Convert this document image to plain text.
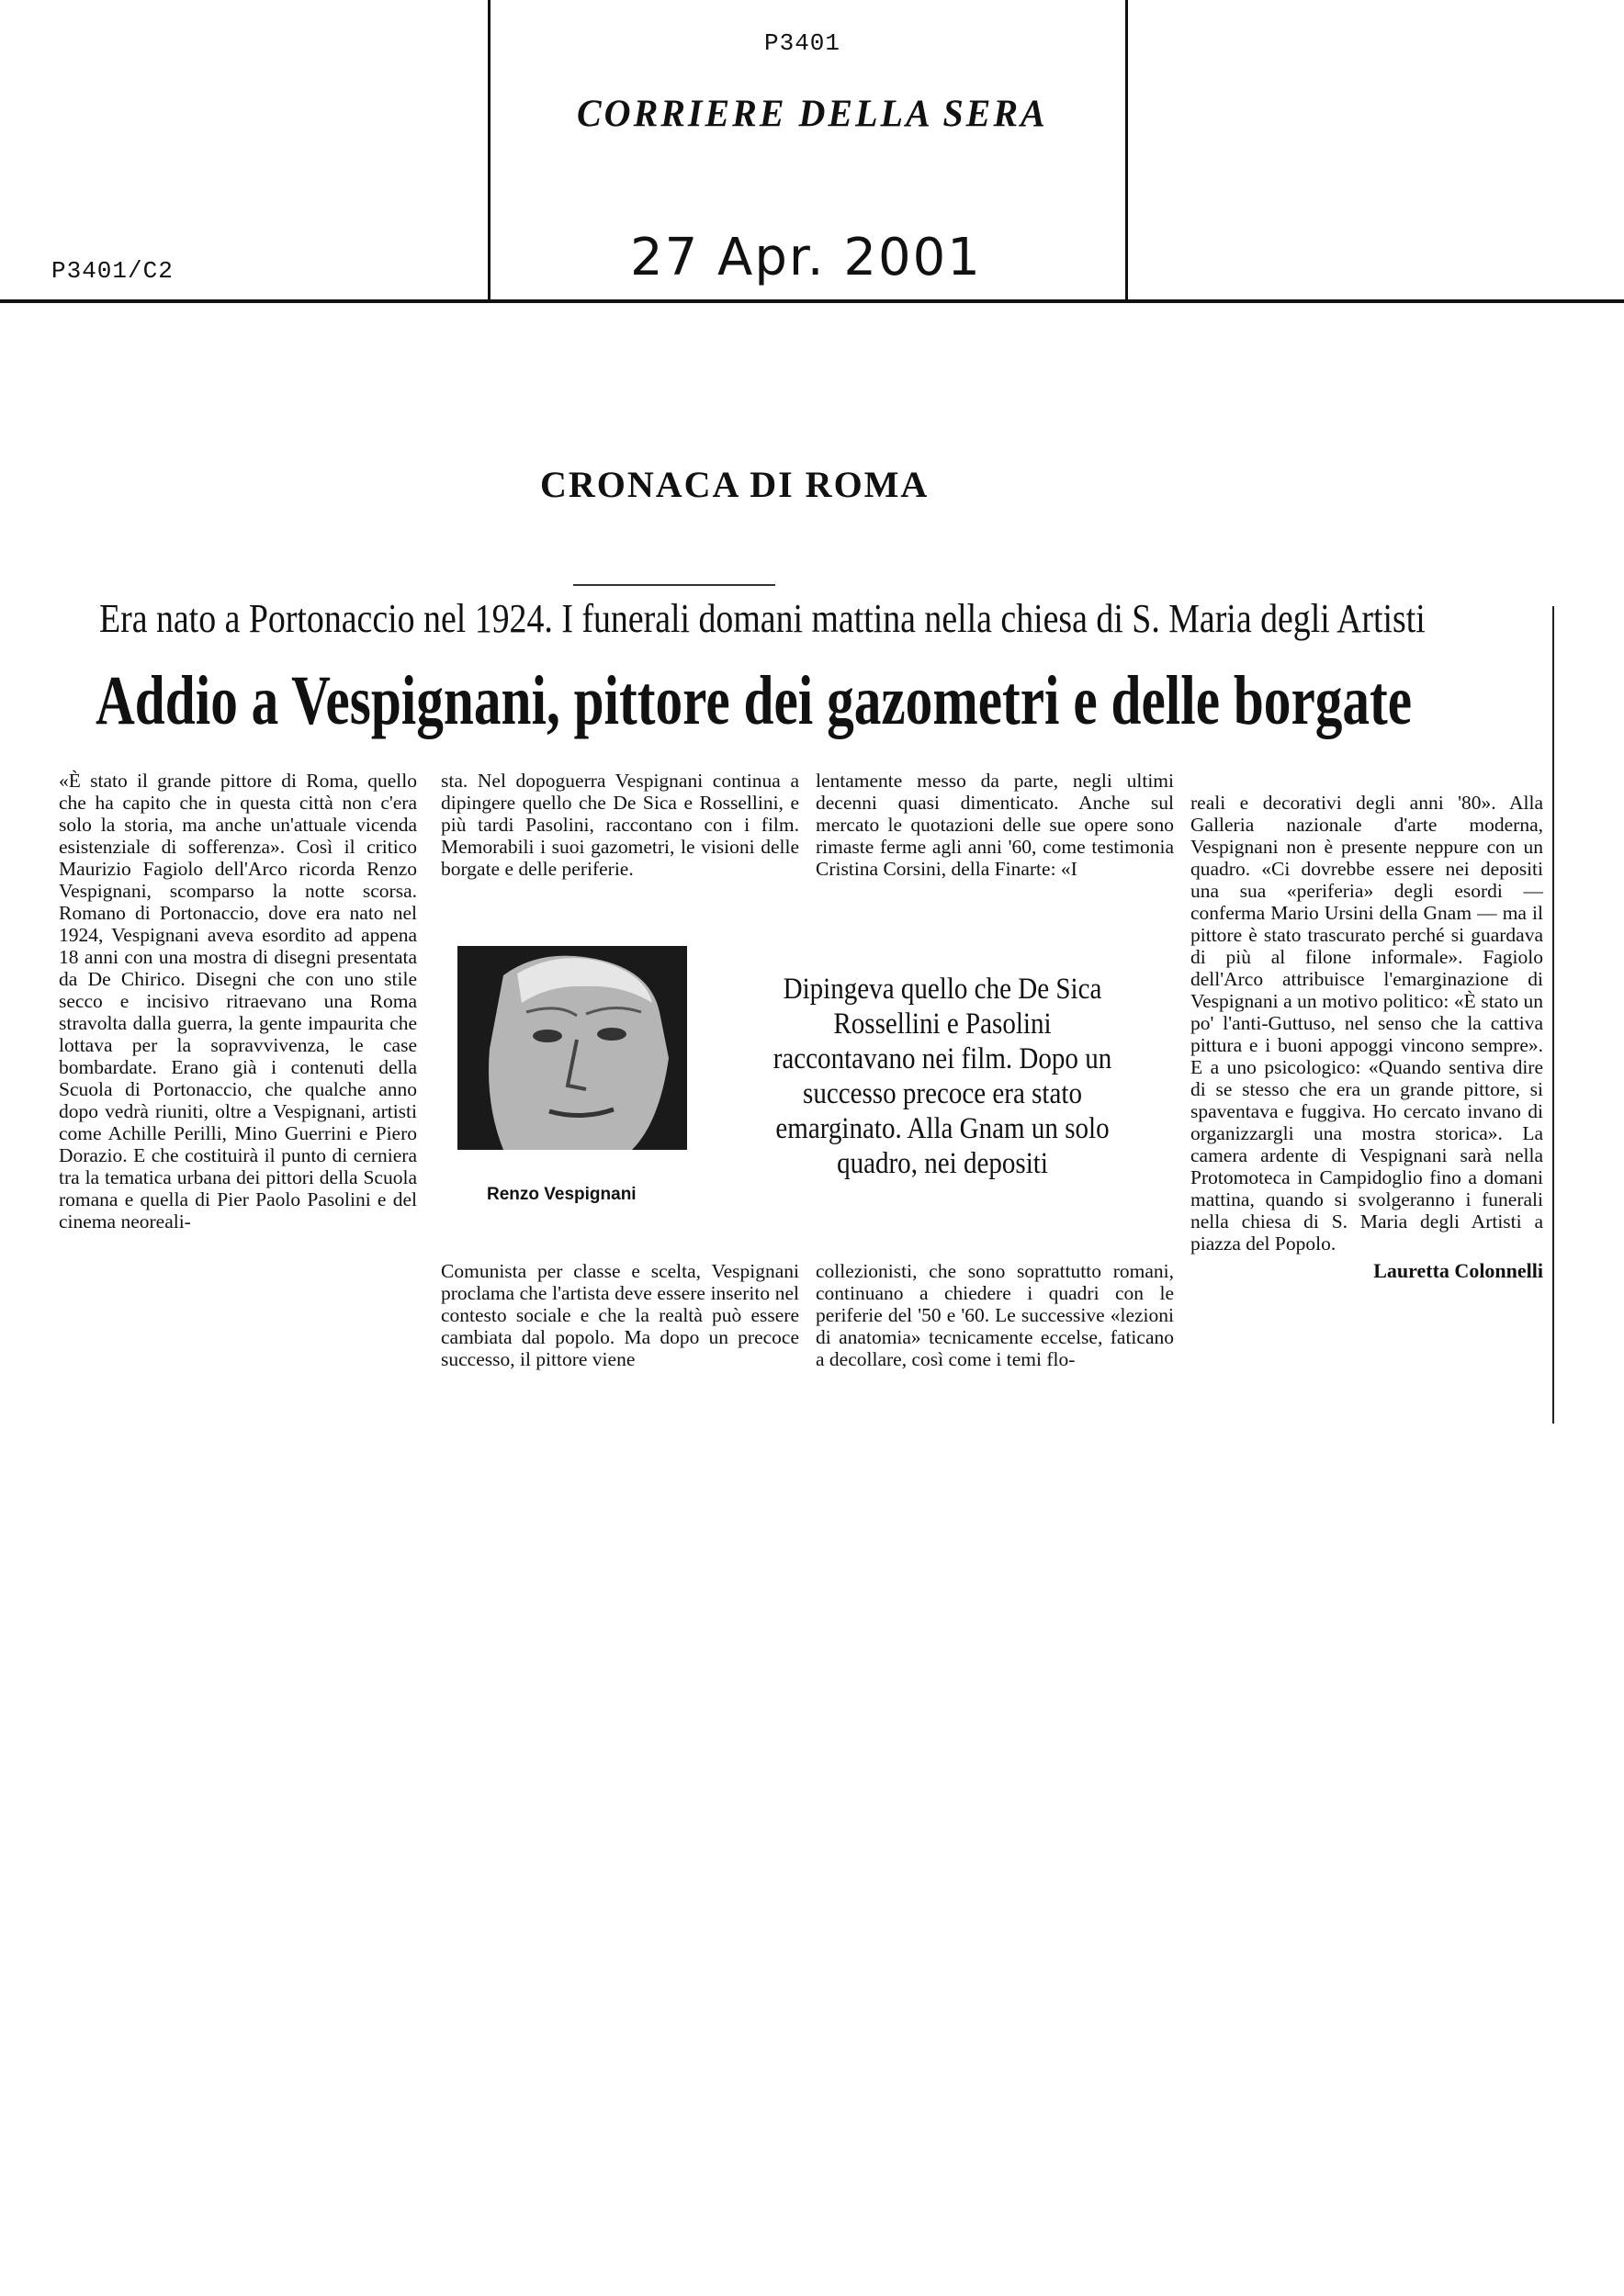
P3401
CORRIERE DELLA SERA
P3401/C2	27 Apr. 2001
CRONACA DI ROMA
Era nato a Portonaccio nel 1924. I funerali domani mattina nella chiesa di S. Maria degli Artisti
Addio a Vespignani, pittore dei gazometri e delle borgate

«È stato il grande pittore di Roma, quello che ha capito che in questa città non c'era solo la storia, ma anche un'attuale vicenda esistenziale di sofferenza». Così il critico Maurizio Fagiolo dell'Arco ricorda Renzo Vespignani, scomparso la notte scorsa. Romano di Portonaccio, dove era nato nel 1924, Vespignani aveva esordito ad appena 18 anni con una mostra di disegni presentata da De Chirico. Disegni che con uno stile secco e incisivo ritraevano una Roma stravolta dalla guerra, la gente impaurita che lottava per la sopravvivenza, le case bombardate. Erano già i contenuti della Scuola di Portonaccio, che qualche anno dopo vedrà riuniti, oltre a Vespignani, artisti come Achille Perilli, Mino Guerrini e Piero Dorazio. E che costituirà il punto di cerniera tra la tematica urbana dei pittori della Scuola romana e quella di Pier Paolo Pasolini e del cinema neoreali-

sta. Nel dopoguerra Vespignani continua a dipingere quello che De Sica e Rossellini, e più tardi Pasolini, raccontano con i film. Memorabili i suoi gazometri, le visioni delle borgate e delle periferie.

lentamente messo da parte, negli ultimi decenni quasi dimenticato. Anche sul mercato le quotazioni delle sue opere sono rimaste ferme agli anni '60, come testimonia Cristina Corsini, della Finarte: «I

reali e decorativi degli anni '80». Alla Galleria nazionale d'arte moderna, Vespignani non è presente neppure con un quadro. «Ci dovrebbe essere nei depositi una sua «periferia» degli esordi — conferma Mario Ursini della Gnam — ma il pittore è stato trascurato perché si guardava di più al filone informale». Fagiolo dell'Arco attribuisce l'emarginazione di Vespignani a un motivo politico: «È stato un po' l'anti-Guttuso, nel senso che la cattiva pittura e i buoni appoggi vincono sempre». E a uno psicologico: «Quando sentiva dire di se stesso che era un grande pittore, si spaventava e fuggiva. Ho cercato invano di organizzargli una mostra storica». La camera ardente di Vespignani sarà nella Protomoteca in Campidoglio fino a domani mattina, quando si svolgeranno i funerali nella chiesa di S. Maria degli Artisti a piazza del Popolo.

Lauretta Colonnelli
Renzo Vespignani
Dipingeva quello che De Sica Rossellini e Pasolini raccontavano nei film. Dopo un successo precoce era stato emarginato. Alla Gnam un solo quadro, nei depositi

Comunista per classe e scelta, Vespignani proclama che l'artista deve essere inserito nel contesto sociale e che la realtà può essere cambiata dal popolo. Ma dopo un precoce successo, il pittore viene

collezionisti, che sono soprattutto romani, continuano a chiedere i quadri con le periferie del '50 e '60. Le successive «lezioni di anatomia» tecnicamente eccelse, faticano a decollare, così come i temi flo-
